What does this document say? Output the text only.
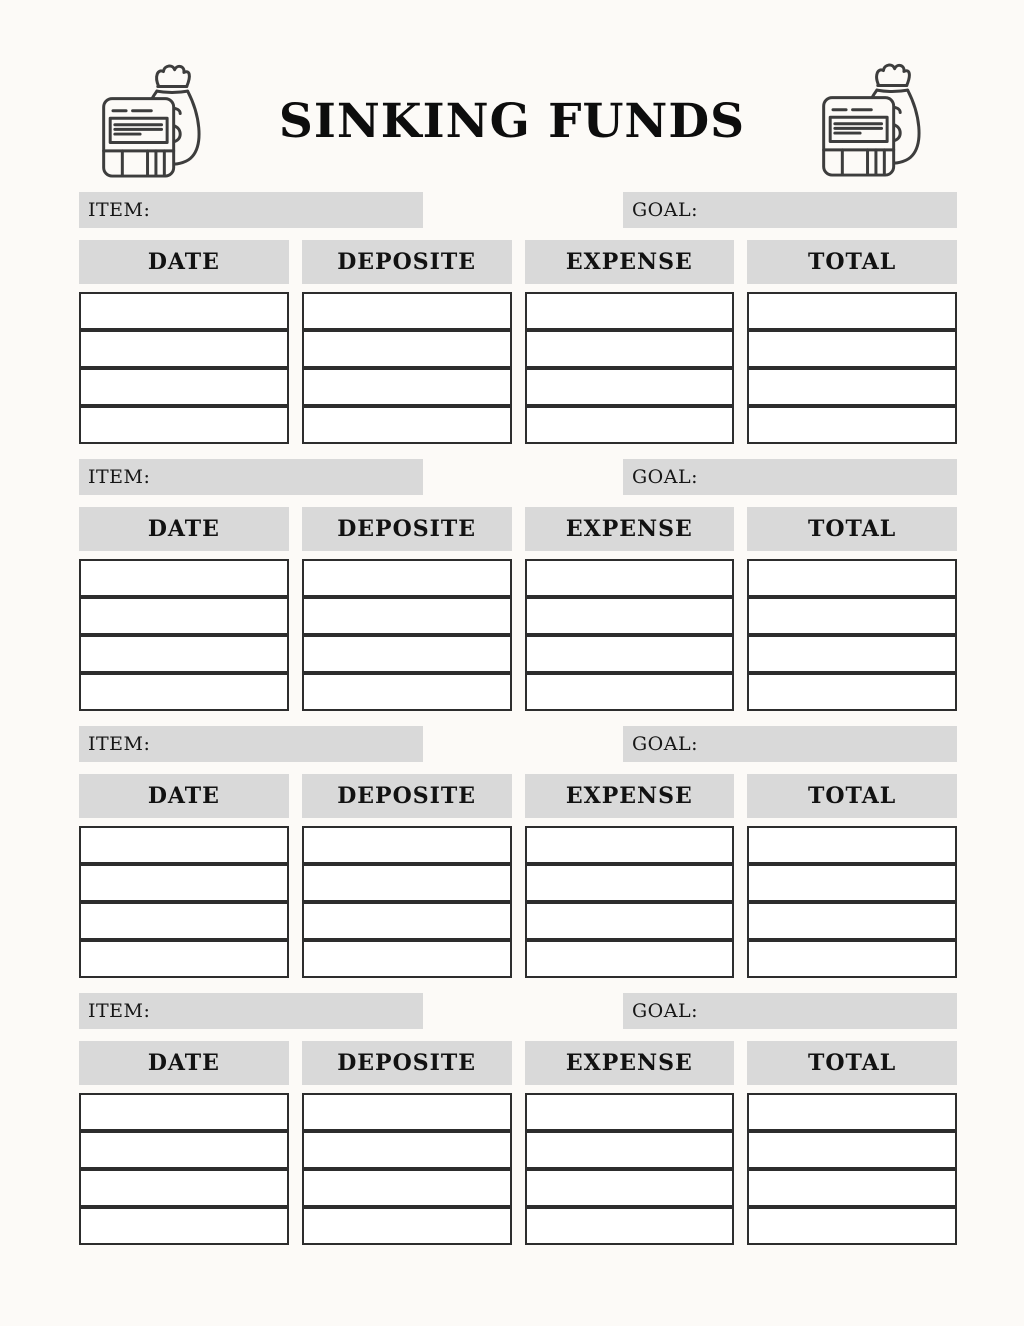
SINKING FUNDS
ITEM:	GOAL:
DATE	DEPOSITE	EXPENSE	TOTAL
ITEM:	GOAL:
DATE	DEPOSITE	EXPENSE	TOTAL
ITEM:	GOAL:
DATE	DEPOSITE	EXPENSE	TOTAL
ITEM:	GOAL:
DATE	DEPOSITE	EXPENSE	TOTAL
